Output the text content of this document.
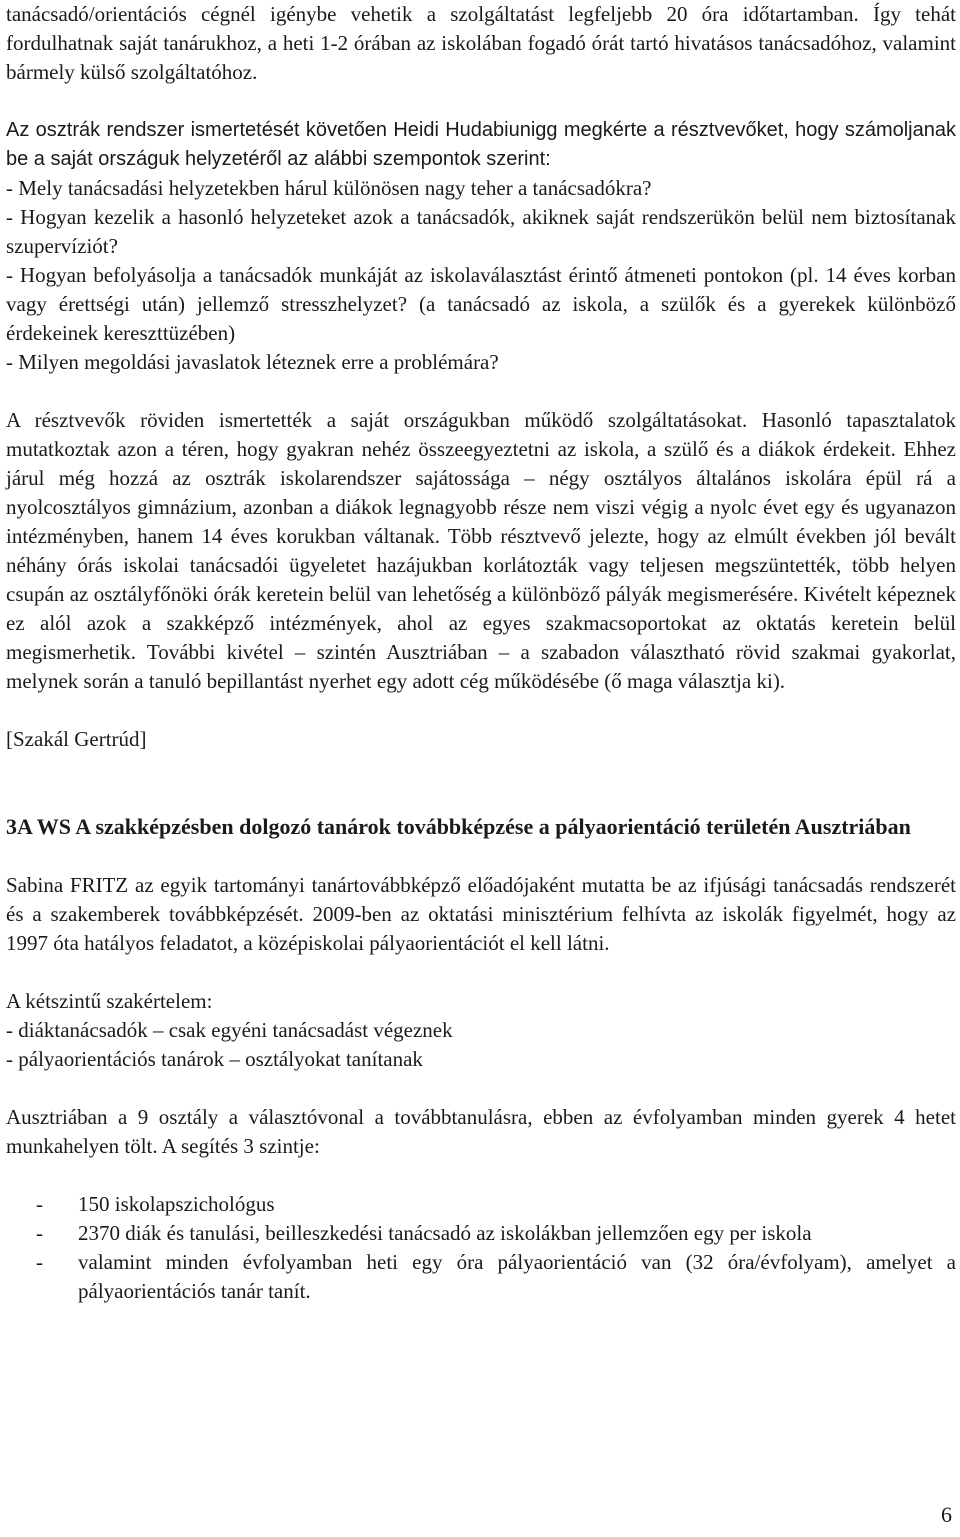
tanácsadó/orientációs cégnél igénybe vehetik a szolgáltatást legfeljebb 20 óra időtartamban. Így tehát fordulhatnak saját tanárukhoz, a heti 1-2 órában az iskolában fogadó órát tartó hivatásos tanácsadóhoz, valamint bármely külső szolgáltatóhoz.

Az osztrák rendszer ismertetését követően Heidi Hudabiunigg megkérte a résztvevőket, hogy számoljanak be a saját országuk helyzetéről az alábbi szempontok szerint:

- Mely tanácsadási helyzetekben hárul különösen nagy teher a tanácsadókra?

- Hogyan kezelik a hasonló helyzeteket azok a tanácsadók, akiknek saját rendszerükön belül nem biztosítanak szupervíziót?

- Hogyan befolyásolja a tanácsadók munkáját az iskolaválasztást érintő átmeneti pontokon (pl. 14 éves korban vagy érettségi után) jellemző stresszhelyzet? (a tanácsadó az iskola, a szülők és a gyerekek különböző érdekeinek kereszttüzében)

- Milyen megoldási javaslatok léteznek erre a problémára?

A résztvevők röviden ismertették a saját országukban működő szolgáltatásokat. Hasonló tapasztalatok mutatkoztak azon a téren, hogy gyakran nehéz összeegyeztetni az iskola, a szülő és a diákok érdekeit. Ehhez járul még hozzá az osztrák iskolarendszer sajátossága – négy osztályos általános iskolára épül rá a nyolcosztályos gimnázium, azonban a diákok legnagyobb része nem viszi végig a nyolc évet egy és ugyanazon intézményben, hanem 14 éves korukban váltanak. Több résztvevő jelezte, hogy az elmúlt években jól bevált néhány órás iskolai tanácsadói ügyeletet hazájukban korlátozták vagy teljesen megszüntették, több helyen csupán az osztályfőnöki órák keretein belül van lehetőség a különböző pályák megismerésére. Kivételt képeznek ez alól azok a szakképző intézmények, ahol az egyes szakmacsoportokat az oktatás keretein belül megismerhetik. További kivétel – szintén Ausztriában – a szabadon választható rövid szakmai gyakorlat, melynek során a tanuló bepillantást nyerhet egy adott cég működésébe (ő maga választja ki).

[Szakál Gertrúd]

3A WS A szakképzésben dolgozó tanárok továbbképzése a pályaorientáció területén Ausztriában

Sabina FRITZ az egyik tartományi tanártovábbképző előadójaként mutatta be az ifjúsági tanácsadás rendszerét és a szakemberek továbbképzését. 2009-ben az oktatási minisztérium felhívta az iskolák figyelmét, hogy az 1997 óta hatályos feladatot, a középiskolai pályaorientációt el kell látni.

A kétszintű szakértelem:

- diáktanácsadók – csak egyéni tanácsadást végeznek

- pályaorientációs tanárok – osztályokat tanítanak

Ausztriában a 9 osztály a választóvonal a továbbtanulásra, ebben az évfolyamban minden gyerek 4 hetet munkahelyen tölt. A segítés 3 szintje:

- 150 iskolapszichológus
- 2370 diák és tanulási, beilleszkedési tanácsadó az iskolákban jellemzően egy per iskola
- valamint minden évfolyamban heti egy óra pályaorientáció van (32 óra/évfolyam), amelyet a pályaorientációs tanár tanít.
6
